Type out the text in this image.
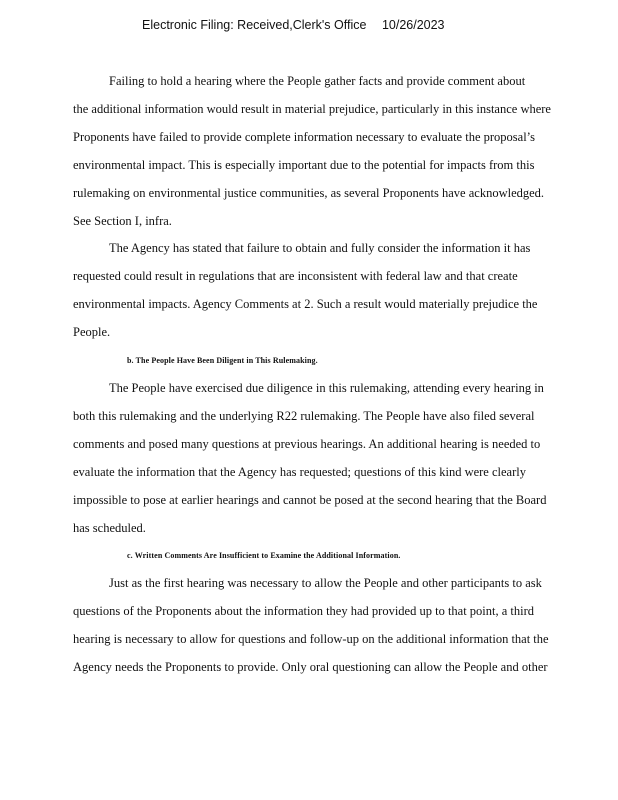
Electronic Filing: Received,Clerk's Office 10/26/2023
Failing to hold a hearing where the People gather facts and provide comment about
the additional information would result in material prejudice, particularly in this instance where
Proponents have failed to provide complete information necessary to evaluate the proposal’s
environmental impact. This is especially important due to the potential for impacts from this
rulemaking on environmental justice communities, as several Proponents have acknowledged.
See Section I, infra.
The Agency has stated that failure to obtain and fully consider the information it has
requested could result in regulations that are inconsistent with federal law and that create
environmental impacts. Agency Comments at 2. Such a result would materially prejudice the
People.
b. The People Have Been Diligent in This Rulemaking.
The People have exercised due diligence in this rulemaking, attending every hearing in
both this rulemaking and the underlying R22 rulemaking. The People have also filed several
comments and posed many questions at previous hearings. An additional hearing is needed to
evaluate the information that the Agency has requested; questions of this kind were clearly
impossible to pose at earlier hearings and cannot be posed at the second hearing that the Board
has scheduled.
c. Written Comments Are Insufficient to Examine the Additional Information.
Just as the first hearing was necessary to allow the People and other participants to ask
questions of the Proponents about the information they had provided up to that point, a third
hearing is necessary to allow for questions and follow-up on the additional information that the
Agency needs the Proponents to provide. Only oral questioning can allow the People and other
